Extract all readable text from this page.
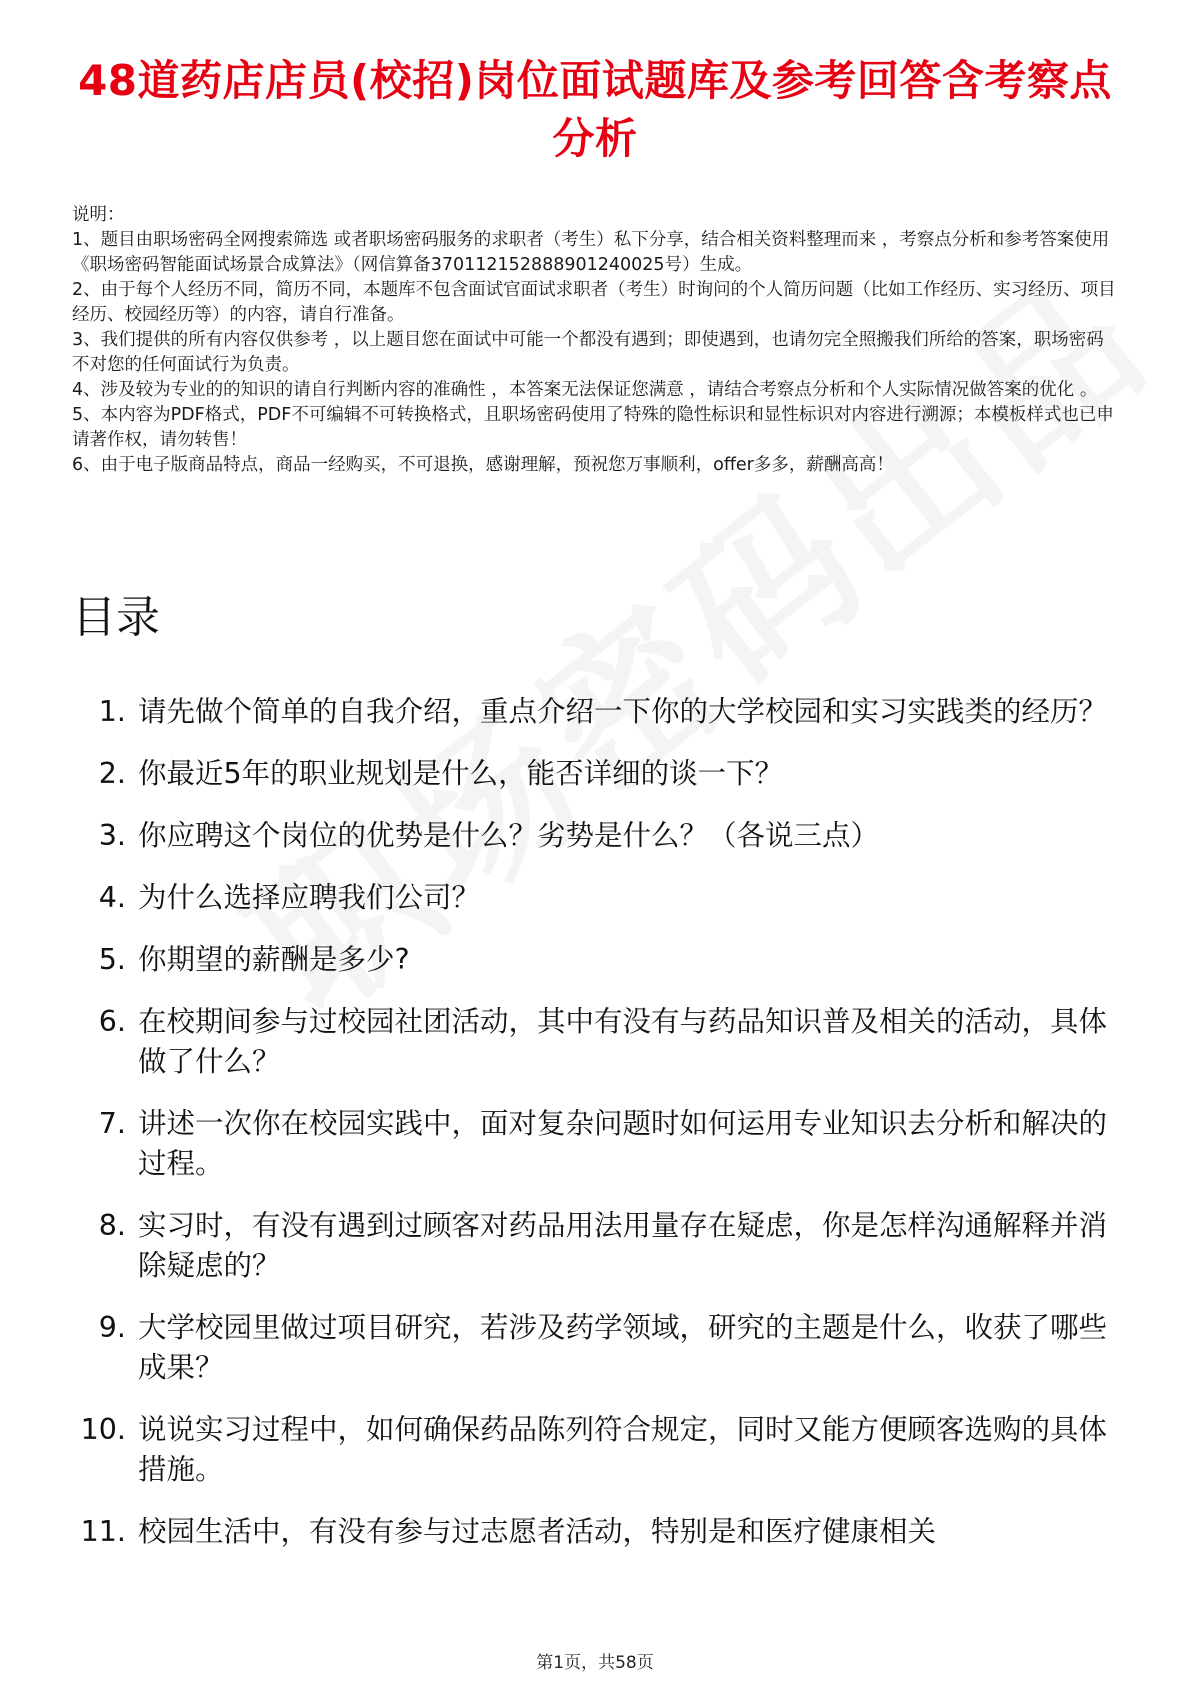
48道药店店员(校招)岗位面试题库及参考回答含考察点分析

说明：

1、题目由职场密码全网搜索筛选 或者职场密码服务的求职者（考生）私下分享，结合相关资料整理而来 ，考察点分析和参考答案使用《职场密码智能面试场景合成算法》（网信算备370112152888901240025号）生成。

2、由于每个人经历不同，简历不同，本题库不包含面试官面试求职者（考生）时询问的个人简历问题（比如工作经历、实习经历、项目经历、校园经历等）的内容，请自行准备。

3、我们提供的所有内容仅供参考 ，以上题目您在面试中可能一个都没有遇到；即使遇到，也请勿完全照搬我们所给的答案，职场密码不对您的任何面试行为负责。

4、涉及较为专业的的知识的请自行判断内容的准确性 ，本答案无法保证您满意 ，请结合考察点分析和个人实际情况做答案的优化 。

5、本内容为PDF格式，PDF不可编辑不可转换格式，且职场密码使用了特殊的隐性标识和显性标识对内容进行溯源；本模板样式也已申请著作权，请勿转售！

6、由于电子版商品特点，商品一经购买，不可退换，感谢理解，预祝您万事顺利，offer多多，薪酬高高！

目录
1. 请先做个简单的自我介绍，重点介绍一下你的大学校园和实习实践类的经历？
2. 你最近5年的职业规划是什么，能否详细的谈一下？
3. 你应聘这个岗位的优势是什么？劣势是什么？（各说三点）
4. 为什么选择应聘我们公司？
5. 你期望的薪酬是多少?
6. 在校期间参与过校园社团活动，其中有没有与药品知识普及相关的活动，具体做了什么？
7. 讲述一次你在校园实践中，面对复杂问题时如何运用专业知识去分析和解决的过程。
8. 实习时，有没有遇到过顾客对药品用法用量存在疑虑，你是怎样沟通解释并消除疑虑的？
9. 大学校园里做过项目研究，若涉及药学领域，研究的主题是什么，收获了哪些成果？
10. 说说实习过程中，如何确保药品陈列符合规定，同时又能方便顾客选购的具体措施。
11. 校园生活中，有没有参与过志愿者活动，特别是和医疗健康相关
第1页，共58页
